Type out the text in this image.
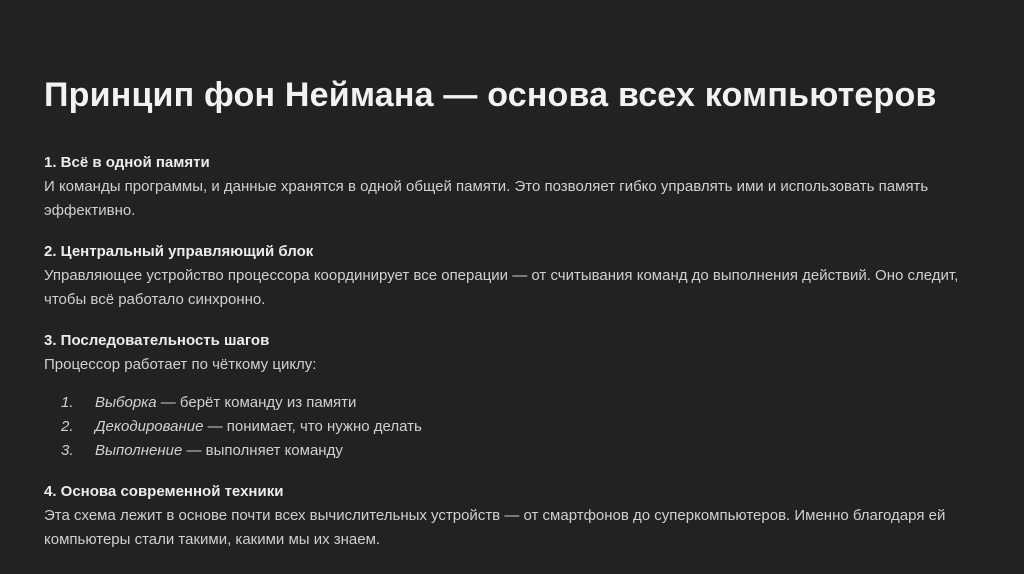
Принцип фон Неймана — основа всех компьютеров
1. Всё в одной памяти
И команды программы, и данные хранятся в одной общей памяти. Это позволяет гибко управлять ими и использовать память эффективно.
2. Центральный управляющий блок
Управляющее устройство процессора координирует все операции — от считывания команд до выполнения действий. Оно следит, чтобы всё работало синхронно.
3. Последовательность шагов
Процессор работает по чёткому циклу:
1.	Выборка — берёт команду из памяти
2.	Декодирование — понимает, что нужно делать
3.	Выполнение — выполняет команду
4. Основа современной техники
Эта схема лежит в основе почти всех вычислительных устройств — от смартфонов до суперкомпьютеров. Именно благодаря ей компьютеры стали такими, какими мы их знаем.
